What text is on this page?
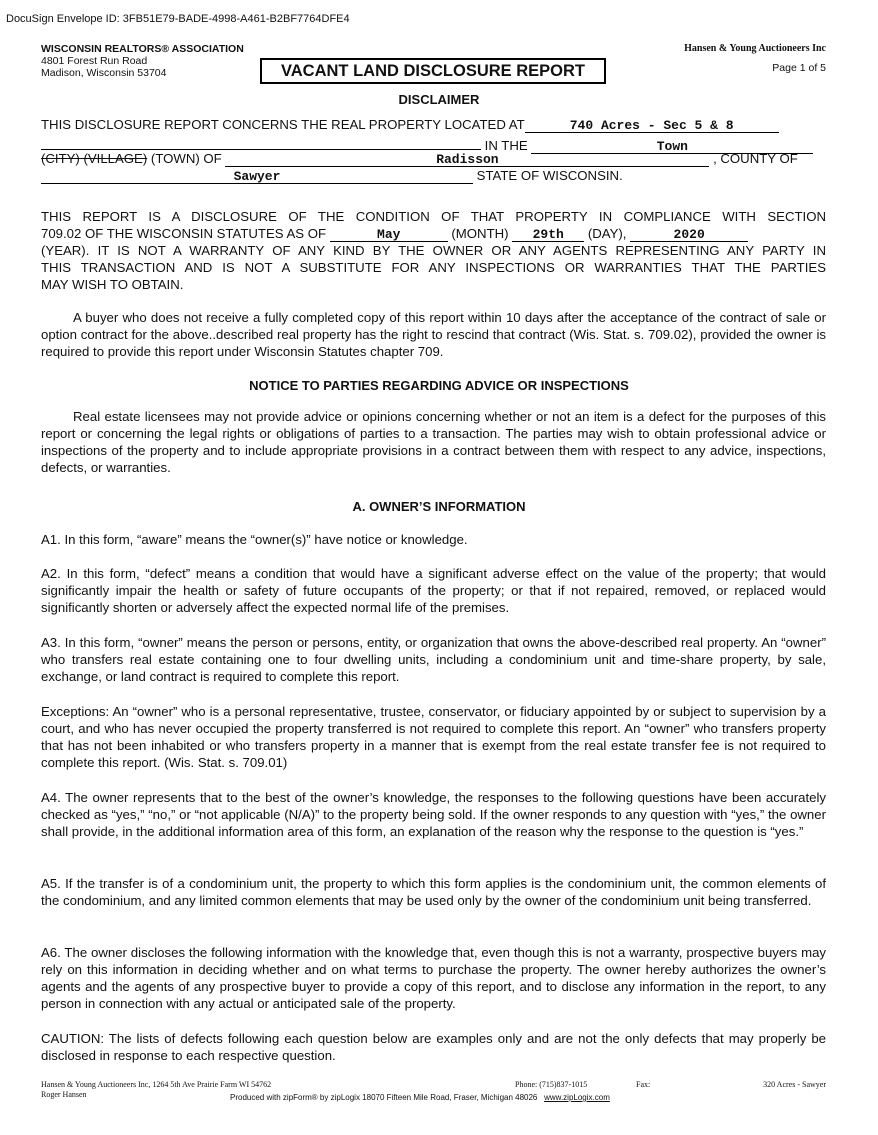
DocuSign Envelope ID: 3FB51E79-BADE-4998-A461-B2BF7764DFE4
WISCONSIN REALTORS® ASSOCIATION
4801 Forest Run Road
Madison, Wisconsin 53704
Hansen & Young Auctioneers Inc
Page 1 of 5
VACANT LAND DISCLOSURE REPORT
DISCLAIMER
THIS DISCLOSURE REPORT CONCERNS THE REAL PROPERTY LOCATED AT	740 Acres - Sec 5 & 8
IN THE	Town
(CITY) (VILLAGE) (TOWN) OF	Radisson	, COUNTY OF
Sawyer	STATE OF WISCONSIN.
THIS REPORT IS A DISCLOSURE OF THE CONDITION OF THAT PROPERTY IN COMPLIANCE WITH SECTION
709.02 OF THE WISCONSIN STATUTES AS OF	May	(MONTH) 29th (DAY),	2020
(YEAR). IT IS NOT A WARRANTY OF ANY KIND BY THE OWNER OR ANY AGENTS REPRESENTING ANY PARTY IN
THIS TRANSACTION AND IS NOT A SUBSTITUTE FOR ANY INSPECTIONS OR WARRANTIES THAT THE PARTIES
MAY WISH TO OBTAIN.
A buyer who does not receive a fully completed copy of this report within 10 days after the acceptance of the contract of sale or option contract for the above..described real property has the right to rescind that contract (Wis. Stat. s. 709.02), provided the owner is required to provide this report under Wisconsin Statutes chapter 709.
NOTICE TO PARTIES REGARDING ADVICE OR INSPECTIONS
Real estate licensees may not provide advice or opinions concerning whether or not an item is a defect for the purposes of this report or concerning the legal rights or obligations of parties to a transaction. The parties may wish to obtain professional advice or inspections of the property and to include appropriate provisions in a contract between them with respect to any advice, inspections, defects, or warranties.
A. OWNER’S INFORMATION
A1. In this form, “aware” means the “owner(s)” have notice or knowledge.
A2. In this form, “defect” means a condition that would have a significant adverse effect on the value of the property; that would significantly impair the health or safety of future occupants of the property; or that if not repaired, removed, or replaced would significantly shorten or adversely affect the expected normal life of the premises.
A3. In this form, “owner” means the person or persons, entity, or organization that owns the above-described real property. An “owner” who transfers real estate containing one to four dwelling units, including a condominium unit and time-share property, by sale, exchange, or land contract is required to complete this report.
Exceptions: An “owner” who is a personal representative, trustee, conservator, or fiduciary appointed by or subject to supervision by a court, and who has never occupied the property transferred is not required to complete this report. An “owner” who transfers property that has not been inhabited or who transfers property in a manner that is exempt from the real estate transfer fee is not required to complete this report. (Wis. Stat. s. 709.01)
A4. The owner represents that to the best of the owner’s knowledge, the responses to the following questions have been accurately checked as “yes,” “no,” or “not applicable (N/A)” to the property being sold. If the owner responds to any question with “yes,” the owner shall provide, in the additional information area of this form, an explanation of the reason why the response to the question is “yes.”
A5. If the transfer is of a condominium unit, the property to which this form applies is the condominium unit, the common elements of the condominium, and any limited common elements that may be used only by the owner of the condominium unit being transferred.
A6. The owner discloses the following information with the knowledge that, even though this is not a warranty, prospective buyers may rely on this information in deciding whether and on what terms to purchase the property. The owner hereby authorizes the owner’s agents and the agents of any prospective buyer to provide a copy of this report, and to disclose any information in the report, to any person in connection with any actual or anticipated sale of the property.
CAUTION: The lists of defects following each question below are examples only and are not the only defects that may properly be disclosed in response to each respective question.
Hansen & Young Auctioneers Inc, 1264 5th Ave Prairie Farm WI 54762
Roger Hansen
Phone: (715)837-1015	Fax:	320 Acres - Sawyer
Produced with zipForm® by zipLogix 18070 Fifteen Mile Road, Fraser, Michigan 48026 www.zipLogix.com
